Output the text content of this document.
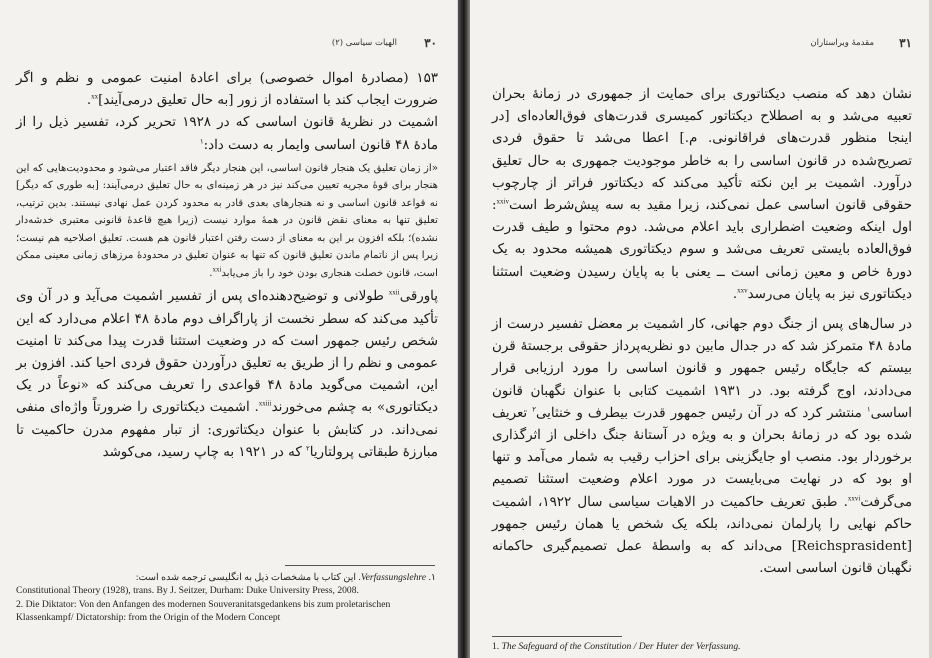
۳۰
الهیات سیاسی (۲)

۱۵۳ (مصادرهٔ اموال خصوصی) برای اعادهٔ امنیت عمومی و نظم و اگر ضرورت ایجاب کند با استفاده از زور [به حال تعلیق درمی‌آیند]$^{xx}$.

اشمیت در نظریهٔ قانون اساسی که در ۱۹۲۸ تحریر کرد، تفسیر ذیل را از مادهٔ ۴۸ قانون اساسی وایمار به دست داد:$^۱$

«از زمان تعلیق یک هنجار قانون اساسی، این هنجار دیگر فاقد اعتبار می‌شود و محدودیت‌هایی که این هنجار برای قوهٔ مجریه تعیین می‌کند نیز در هر زمینه‌ای به حال تعلیق درمی‌آیند: [به طوری که دیگر] نه قواعد قانون اساسی و نه هنجارهای بعدی قادر به محدود کردن عمل نهادی نیستند. بدین ترتیب، تعلیق تنها به معنای نقض قانون در همهٔ موارد نیست (زیرا هیچ قاعدهٔ قانونی معتبری خدشه‌دار نشده)؛ بلکه افزون بر این به معنای از دست رفتن اعتبار قانون هم هست. تعلیق اصلاحیه هم نیست؛ زیرا پس از ناتمام ماندن تعلیق قانون که تنها به عنوان تعلیق در محدودهٔ مرزهای زمانی معینی ممکن است، قانون خصلت هنجاری بودن خود را باز می‌یابد$^{xxi}$.

پاورقی$^{xxii}$ طولانی و توضیح‌دهنده‌ای پس از تفسیر اشمیت می‌آید و در آن وی تأکید می‌کند که سطر نخست از پاراگراف دوم مادهٔ ۴۸ اعلام می‌دارد که این شخص رئیس جمهور است که در وضعیت استثنا قدرت پیدا می‌کند تا امنیت عمومی و نظم را از طریق به تعلیق درآوردن حقوق فردی احیا کند. افزون بر این، اشمیت می‌گوید مادهٔ ۴۸ قواعدی را تعریف می‌کند که «نوعاً در یک دیکتاتوری» به چشم می‌خورند$^{xxiii}$. اشمیت دیکتاتوری را ضرورتاً واژه‌ای منفی نمی‌داند. در کتابش با عنوان دیکتاتوری: از تبار مفهوم مدرن حاکمیت تا مبارزهٔ طبقاتی پرولتاریا$^۲$ که در ۱۹۲۱ به چاپ رسید، می‌کوشد

۱. Verfassungslehre. این کتاب با مشخصات ذیل به انگلیسی ترجمه شده است:
Constitutional Theory (1928), trans. By J. Seitzer, Durham: Duke University Press, 2008.
2. Die Diktator: Von den Anfangen des modernen Souveranitatsgedankens bis zum proletarischen Klassenkampf/ Dictatorship: from the Origin of the Modern Concept
۳۱
مقدمهٔ ویراستاران

نشان دهد که منصب دیکتاتوری برای حمایت از جمهوری در زمانهٔ بحران تعبیه می‌شد و به اصطلاح دیکتاتور کمیسری قدرت‌های فوق‌العاده‌ای [در اینجا منظور قدرت‌های فراقانونی. م.] اعطا می‌شد تا حقوق فردی تصریح‌شده در قانون اساسی را به خاطر موجودیت جمهوری به حال تعلیق درآورد. اشمیت بر این نکته تأکید می‌کند که دیکتاتور فراتر از چارچوب حقوقی قانون اساسی عمل نمی‌کند، زیرا مقید به سه پیش‌شرط است$^{xxiv}$: اول اینکه وضعیت اضطراری باید اعلام می‌شد. دوم محتوا و طیف قدرت فوق‌العاده بایستی تعریف می‌شد و سوم دیکتاتوری همیشه محدود به یک دورهٔ خاص و معین زمانی است ــ یعنی با به پایان رسیدن وضعیت استثنا دیکتاتوری نیز به پایان می‌رسد$^{xxv}$.

در سال‌های پس از جنگ دوم جهانی، کار اشمیت بر معضل تفسیر درست از مادهٔ ۴۸ متمرکز شد که در جدال مابین دو نظریه‌پرداز حقوقی برجستهٔ قرن بیستم که جایگاه رئیس جمهور و قانون اساسی را مورد ارزیابی قرار می‌دادند، اوج گرفته بود. در ۱۹۳۱ اشمیت کتابی با عنوان نگهبان قانون اساسی$^۱$ منتشر کرد که در آن رئیس جمهور قدرت بیطرف و خنثایی$^۲$ تعریف شده بود که در زمانهٔ بحران و به ویژه در آستانهٔ جنگ داخلی از اثرگذاری برخوردار بود. منصب او جایگزینی برای احزاب رقیب به شمار می‌آمد و تنها او بود که در نهایت می‌بایست در مورد اعلام وضعیت استثنا تصمیم می‌گرفت$^{xxvi}$. طبق تعریف حاکمیت در الاهیات سیاسی سال ۱۹۲۲، اشمیت حاکم نهایی را پارلمان نمی‌داند، بلکه یک شخص یا همان رئیس جمهور [Reichsprasident] می‌داند که به واسطهٔ عمل تصمیم‌گیری حاکمانه نگهبان قانون اساسی است.

1. The Safeguard of the Constitution / Der Huter der Verfassung.
